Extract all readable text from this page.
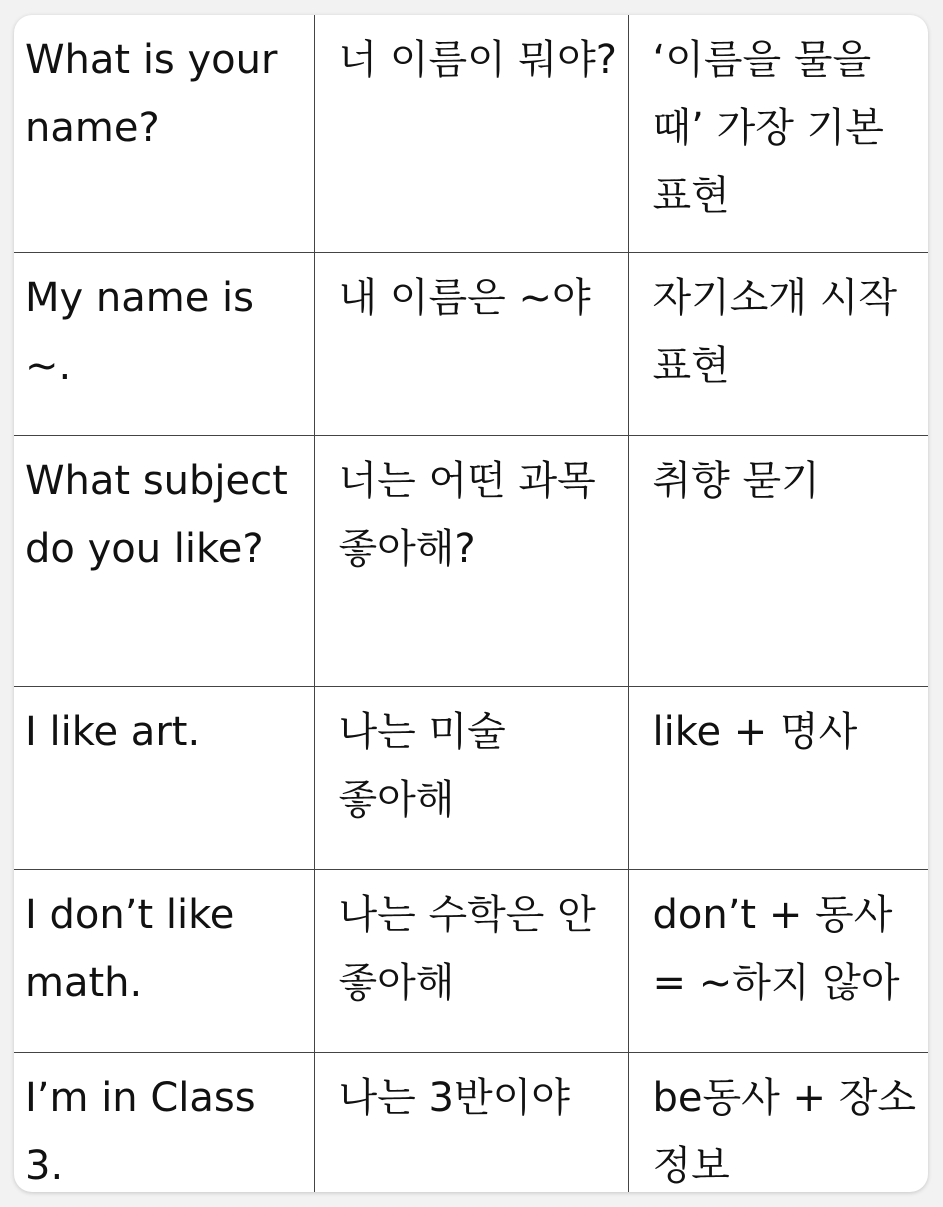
What is your name?	너 이름이 뭐야?	‘이름을 물을 때’ 가장 기본 표현
My name is ~.	내 이름은 ~야	자기소개 시작 표현
What subject do you like?	너는 어떤 과목 좋아해?	취향 묻기
I like art.	나는 미술 좋아해	like + 명사
I don’t like math.	나는 수학은 안 좋아해	don’t + 동사 = ~하지 않아
I’m in Class 3.	나는 3반이야	be동사 + 장소 정보
